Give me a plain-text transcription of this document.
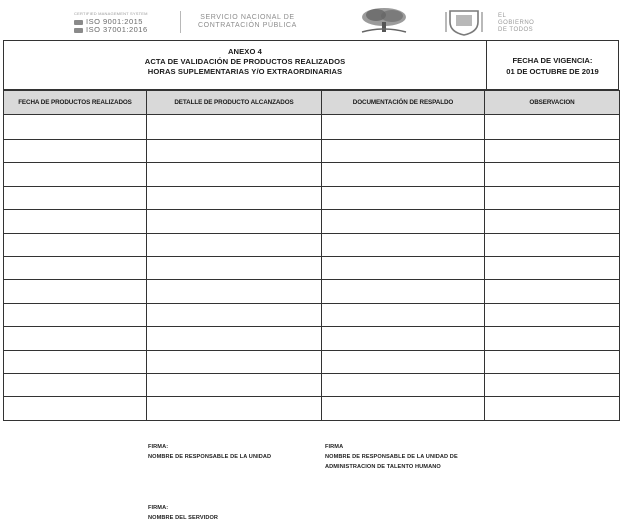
CERTIFIED MANAGEMENT SYSTEM
ISO 9001:2015
ISO 37001:2016
SERVICIO NACIONAL DE
CONTRATACIÓN PÚBLICA
EL
GOBIERNO
DE TODOS
ANEXO 4
ACTA DE VALIDACIÓN DE PRODUCTOS REALIZADOS
HORAS SUPLEMENTARIAS Y/O EXTRAORDINARIAS
FECHA DE VIGENCIA:
01 DE OCTUBRE DE 2019
FECHA DE PRODUCTOS REALIZADOS	DETALLE DE PRODUCTO ALCANZADOS	DOCUMENTACIÓN DE RESPALDO	OBSERVACION

FIRMA:
NOMBRE DE RESPONSABLE DE LA UNIDAD
FIRMA
NOMBRE DE RESPONSABLE DE LA UNIDAD DE
ADMINISTRACION DE TALENTO HUMANO
FIRMA:
NOMBRE DEL SERVIDOR
